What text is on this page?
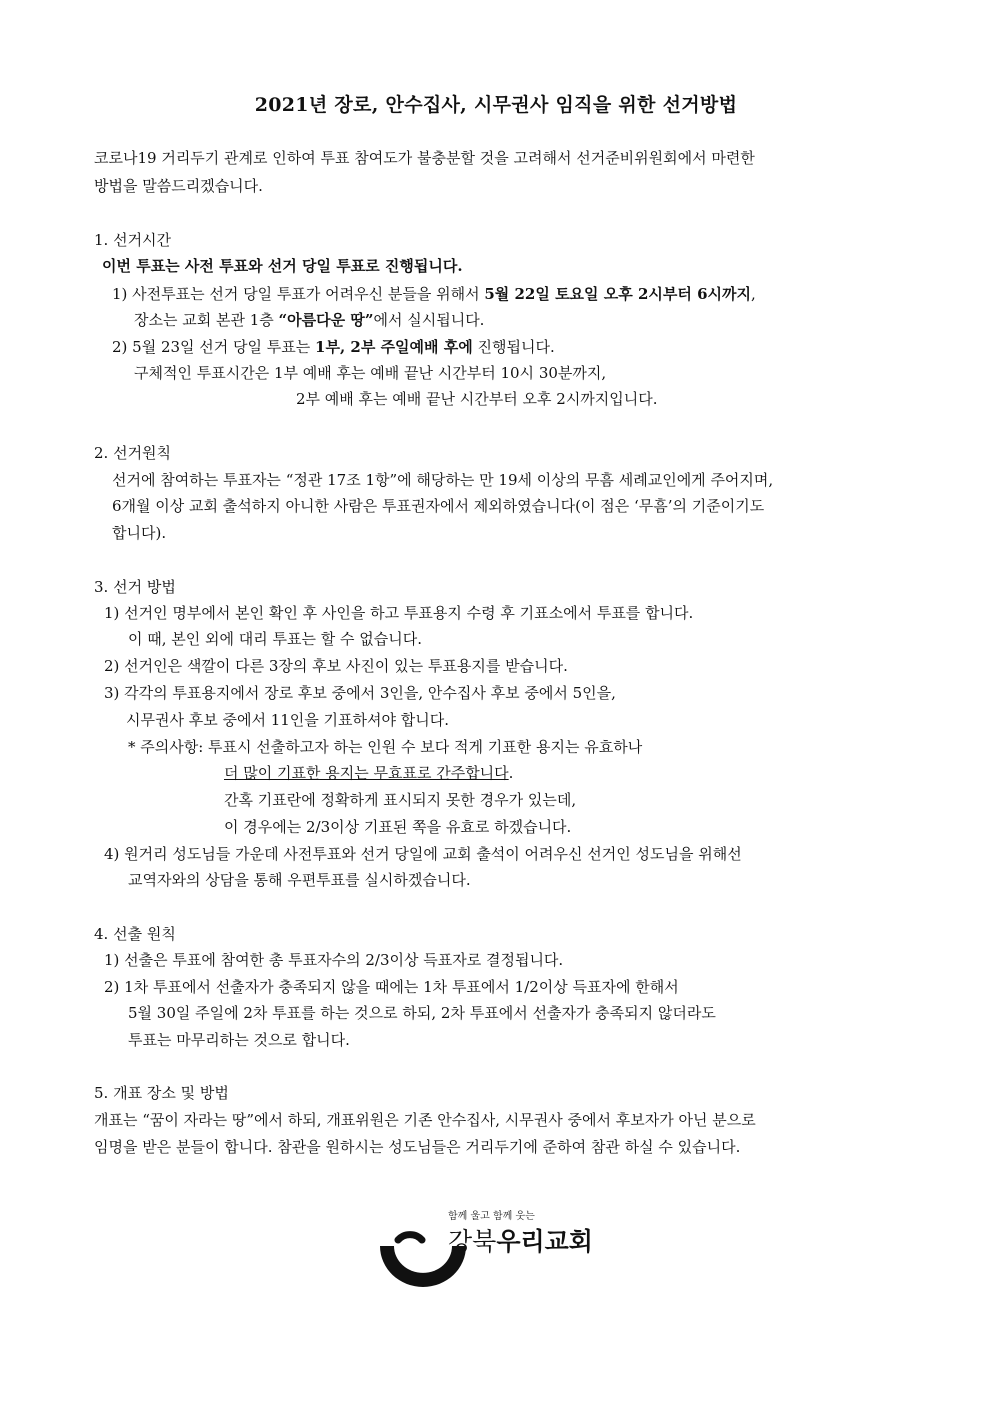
2021년 장로, 안수집사, 시무권사 임직을 위한 선거방법
코로나19 거리두기 관계로 인하여 투표 참여도가 불충분할 것을 고려해서 선거준비위원회에서 마련한
방법을 말씀드리겠습니다.
1. 선거시간
이번 투표는 사전 투표와 선거 당일 투표로 진행됩니다.
1) 사전투표는 선거 당일 투표가 어려우신 분들을 위해서 5월 22일 토요일 오후 2시부터 6시까지,
장소는 교회 본관 1층 “아름다운 땅”에서 실시됩니다.
2) 5월 23일 선거 당일 투표는 1부, 2부 주일예배 후에 진행됩니다.
구체적인 투표시간은 1부 예배 후는 예배 끝난 시간부터 10시 30분까지,
2부 예배 후는 예배 끝난 시간부터 오후 2시까지입니다.
2. 선거원칙
선거에 참여하는 투표자는 “정관 17조 1항”에 해당하는 만 19세 이상의 무흠 세례교인에게 주어지며,
6개월 이상 교회 출석하지 아니한 사람은 투표권자에서 제외하였습니다(이 점은 ‘무흠’의 기준이기도
합니다).
3. 선거 방법
1) 선거인 명부에서 본인 확인 후 사인을 하고 투표용지 수령 후 기표소에서 투표를 합니다.
이 때, 본인 외에 대리 투표는 할 수 없습니다.
2) 선거인은 색깔이 다른 3장의 후보 사진이 있는 투표용지를 받습니다.
3) 각각의 투표용지에서 장로 후보 중에서 3인을, 안수집사 후보 중에서 5인을,
시무권사 후보 중에서 11인을 기표하셔야 합니다.
* 주의사항: 투표시 선출하고자 하는 인원 수 보다 적게 기표한 용지는 유효하나
더 많이 기표한 용지는 무효표로 간주합니다.
간혹 기표란에 정확하게 표시되지 못한 경우가 있는데,
이 경우에는 2/3이상 기표된 쪽을 유효로 하겠습니다.
4) 원거리 성도님들 가운데 사전투표와 선거 당일에 교회 출석이 어려우신 선거인 성도님을 위해선
교역자와의 상담을 통해 우편투표를 실시하겠습니다.
4. 선출 원칙
1) 선출은 투표에 참여한 총 투표자수의 2/3이상 득표자로 결정됩니다.
2) 1차 투표에서 선출자가 충족되지 않을 때에는 1차 투표에서 1/2이상 득표자에 한해서
5월 30일 주일에 2차 투표를 하는 것으로 하되, 2차 투표에서 선출자가 충족되지 않더라도
투표는 마무리하는 것으로 합니다.
5. 개표 장소 및 방법
개표는 “꿈이 자라는 땅”에서 하되, 개표위원은 기존 안수집사, 시무권사 중에서 후보자가 아닌 분으로
임명을 받은 분들이 합니다. 참관을 원하시는 성도님들은 거리두기에 준하여 참관 하실 수 있습니다.
함께 울고 함께 웃는
강북우리교회
